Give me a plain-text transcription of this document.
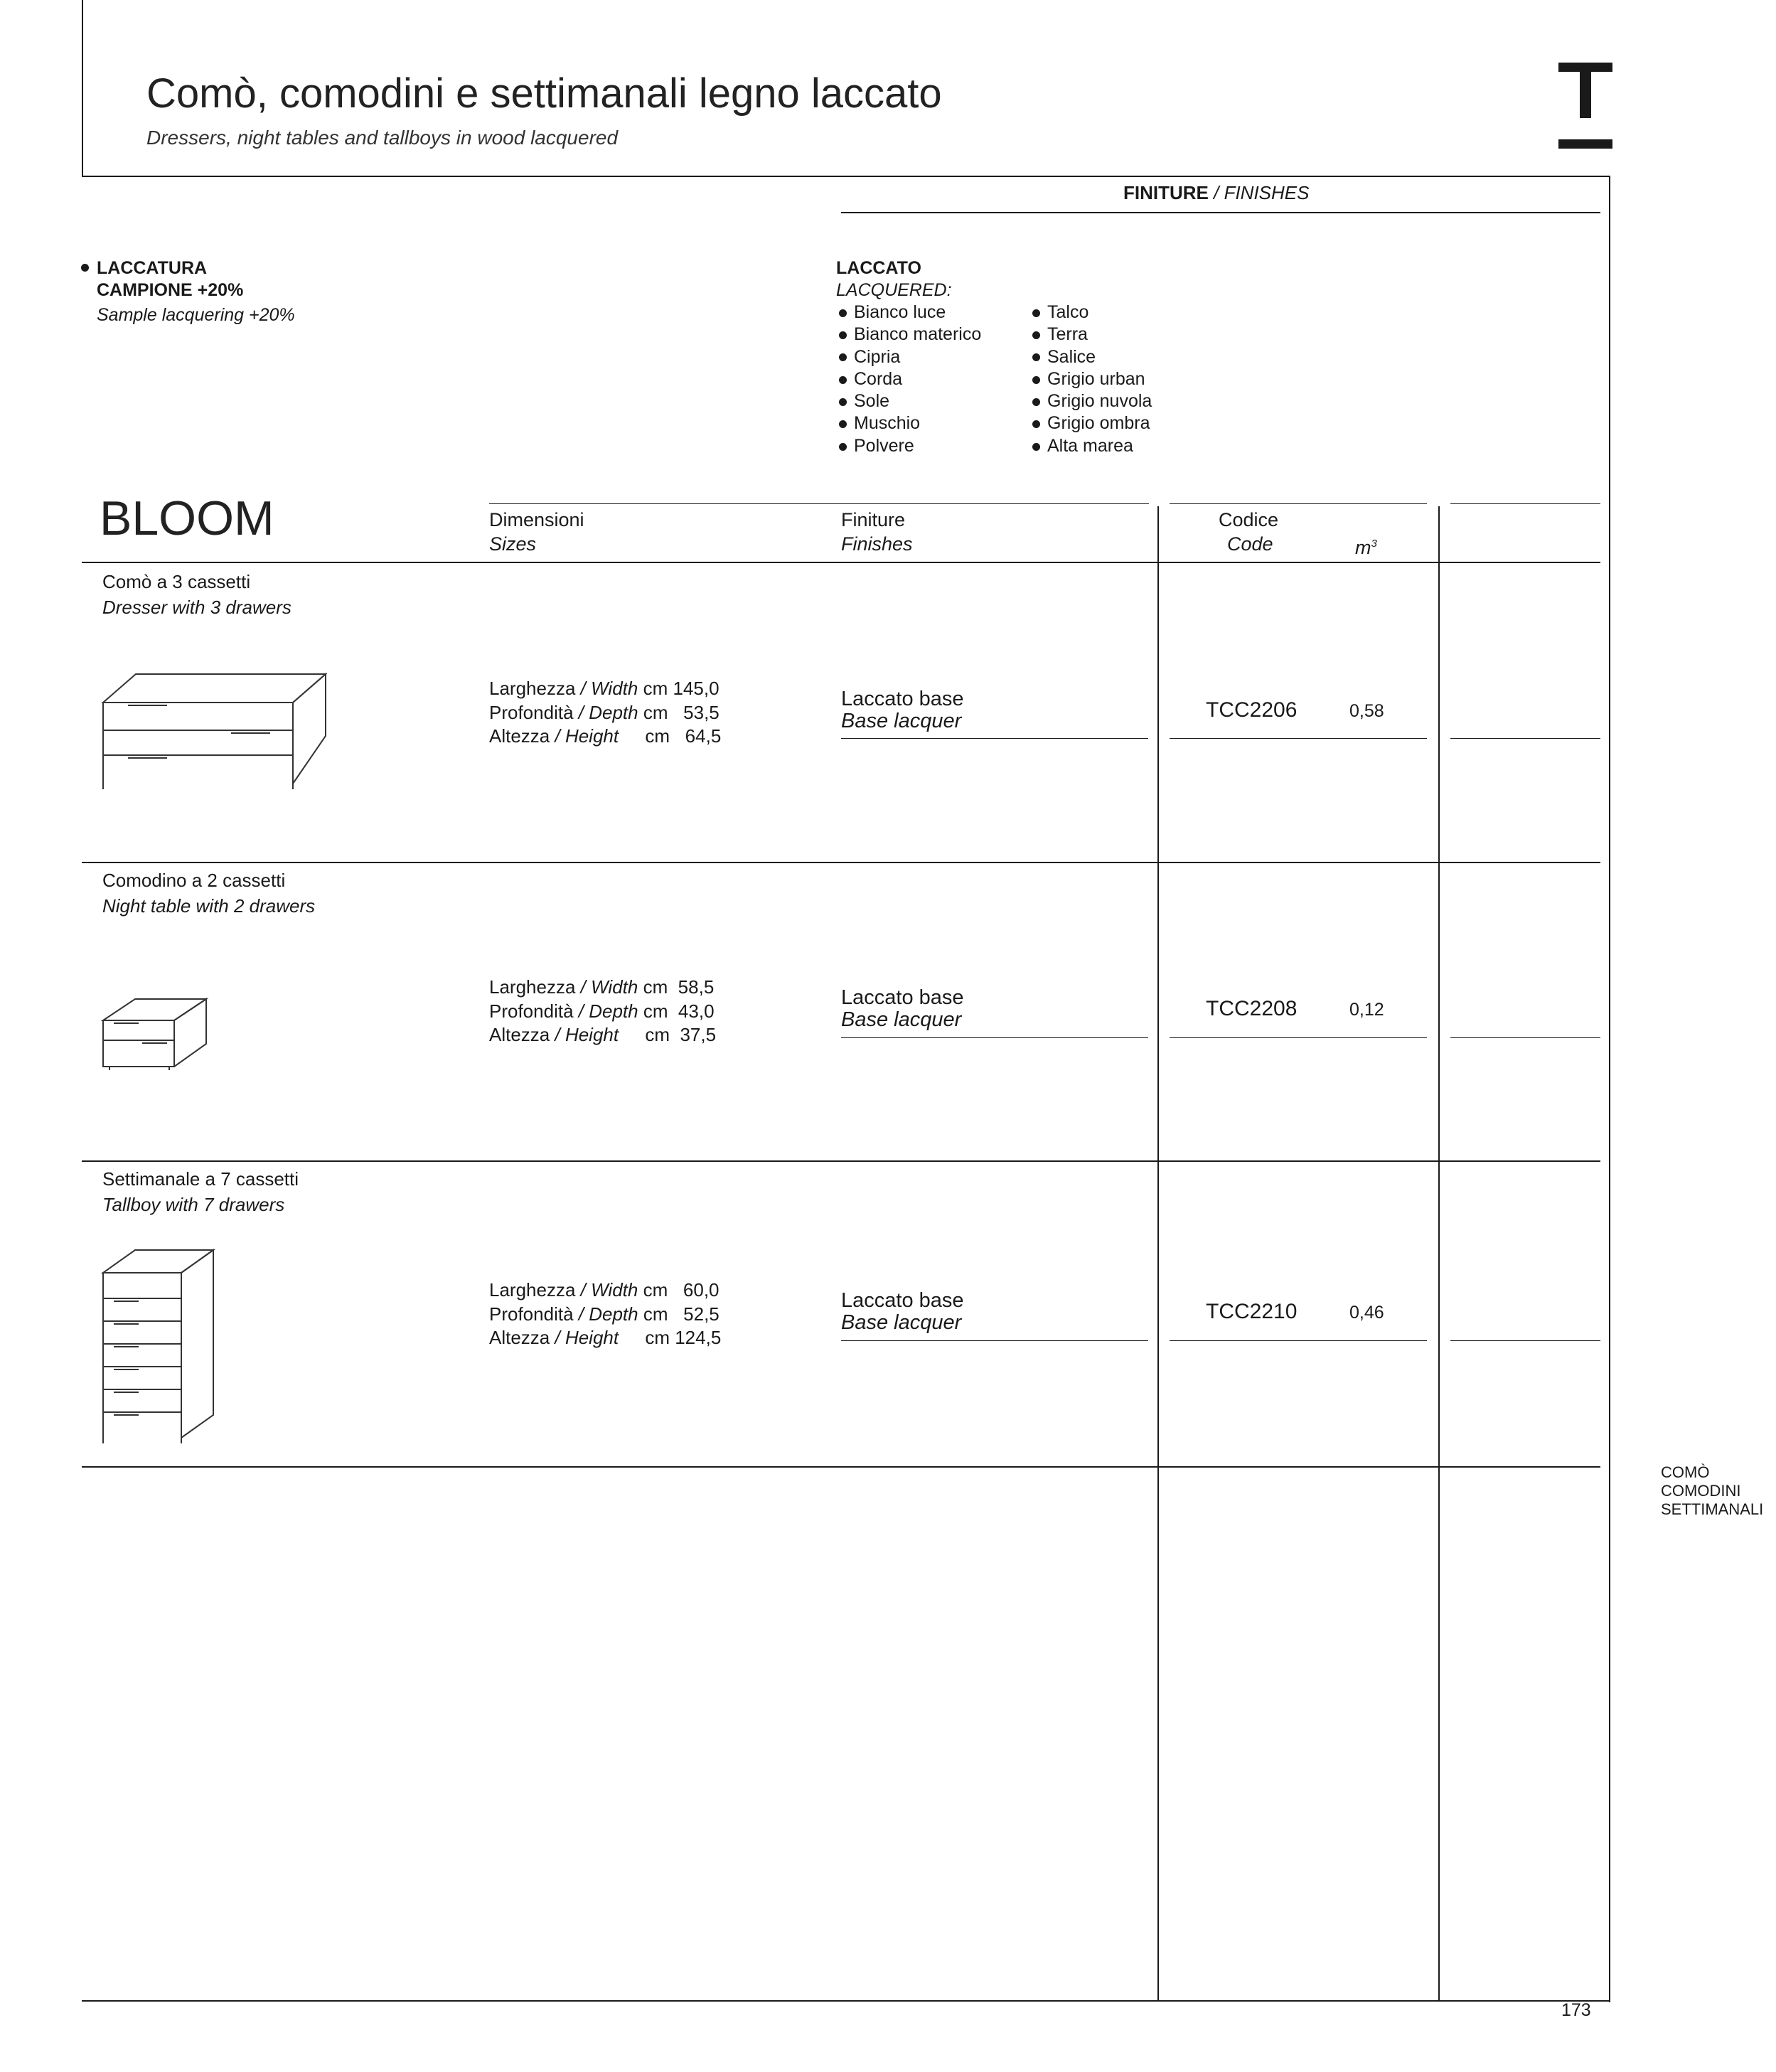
Comò, comodini e settimanali legno laccato
Dressers, night tables and tallboys in wood lacquered
FINITURE / FINISHES
LACCATURA
CAMPIONE +20%
Sample lacquering +20%
LACCATO
LACQUERED:
Bianco luce
Bianco materico
Cipria
Corda
Sole
Muschio
Polvere
Talco
Terra
Salice
Grigio urban
Grigio nuvola
Grigio ombra
Alta marea
BLOOM	Dimensioni
Sizes
Finiture
Finishes
Codice
Code	$m^3$
Comò a 3 cassetti
Dresser with 3 drawers
Larghezza / Width cm 145,0
Profondità / Depth cm   53,5
Altezza / Height cm   64,5
Laccato base
Base lacquer	TCC2206	0,58
Comodino a 2 cassetti
Night table with 2 drawers
Larghezza / Width cm  58,5
Profondità / Depth cm  43,0
Altezza / Height cm  37,5
Laccato base
Base lacquer	TCC2208	0,12
Settimanale a 7 cassetti
Tallboy with 7 drawers
Larghezza / Width cm   60,0
Profondità / Depth cm   52,5
Altezza / Height cm 124,5
Laccato base
Base lacquer	TCC2210	0,46
COMÒ
COMODINI
SETTIMANALI
173
